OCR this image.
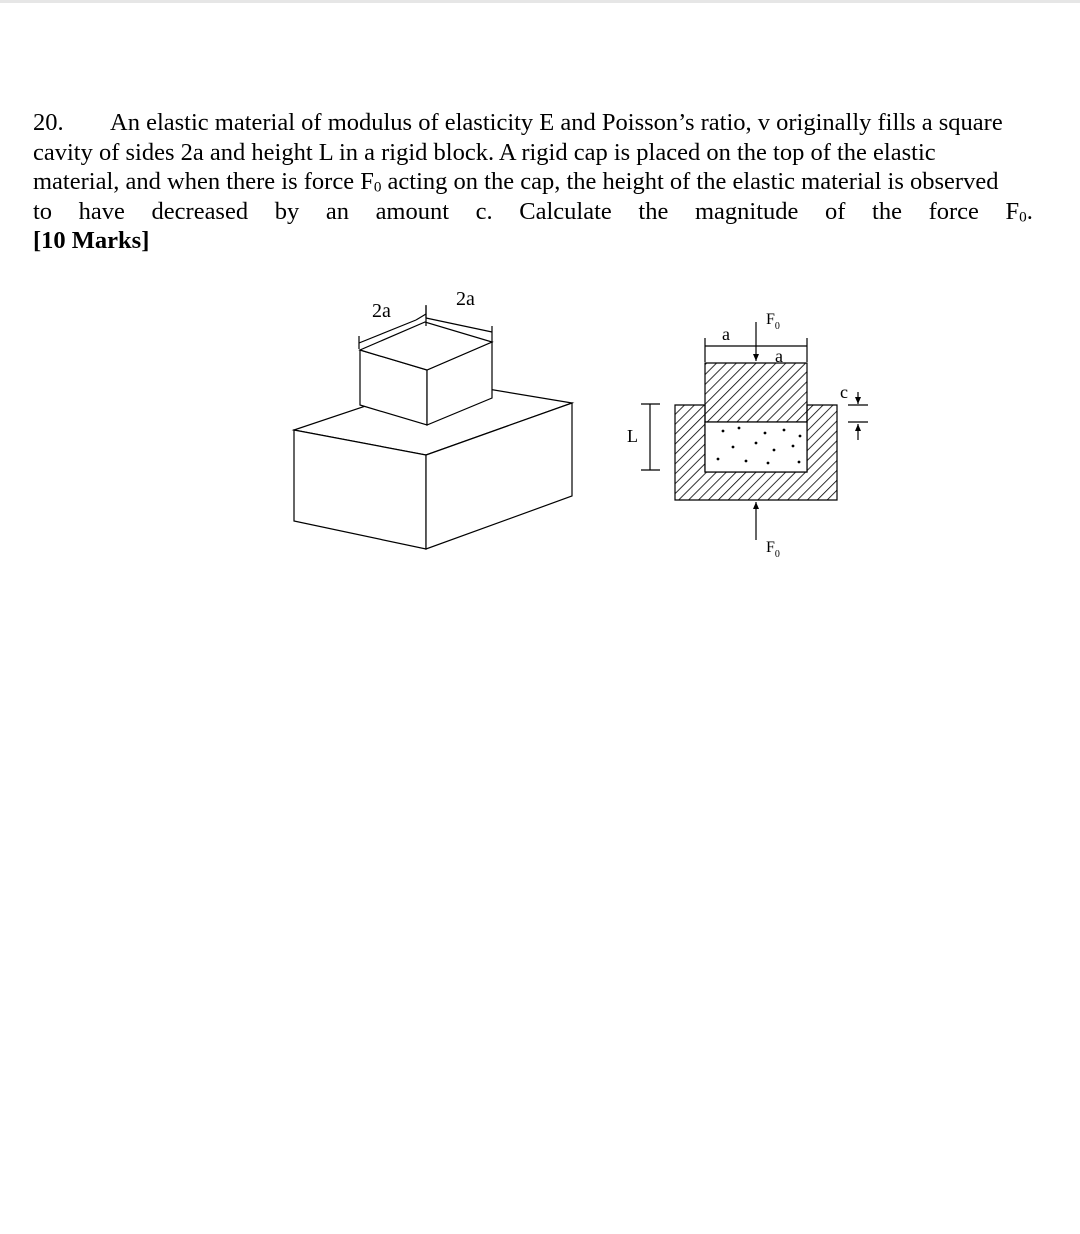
20. An elastic material of modulus of elasticity E and Poisson’s ratio, v originally fills a square
cavity of sides 2a and height L in a rigid block. A rigid cap is placed on the top of the elastic
material, and when there is force $F_0$ acting on the cap, the height of the elastic material is observed
to have decreased by an amount c. Calculate the magnitude of the force $F_0$.
[10 Marks]
2a
2a
L
a
a
$F_0$
$F_0$
c
